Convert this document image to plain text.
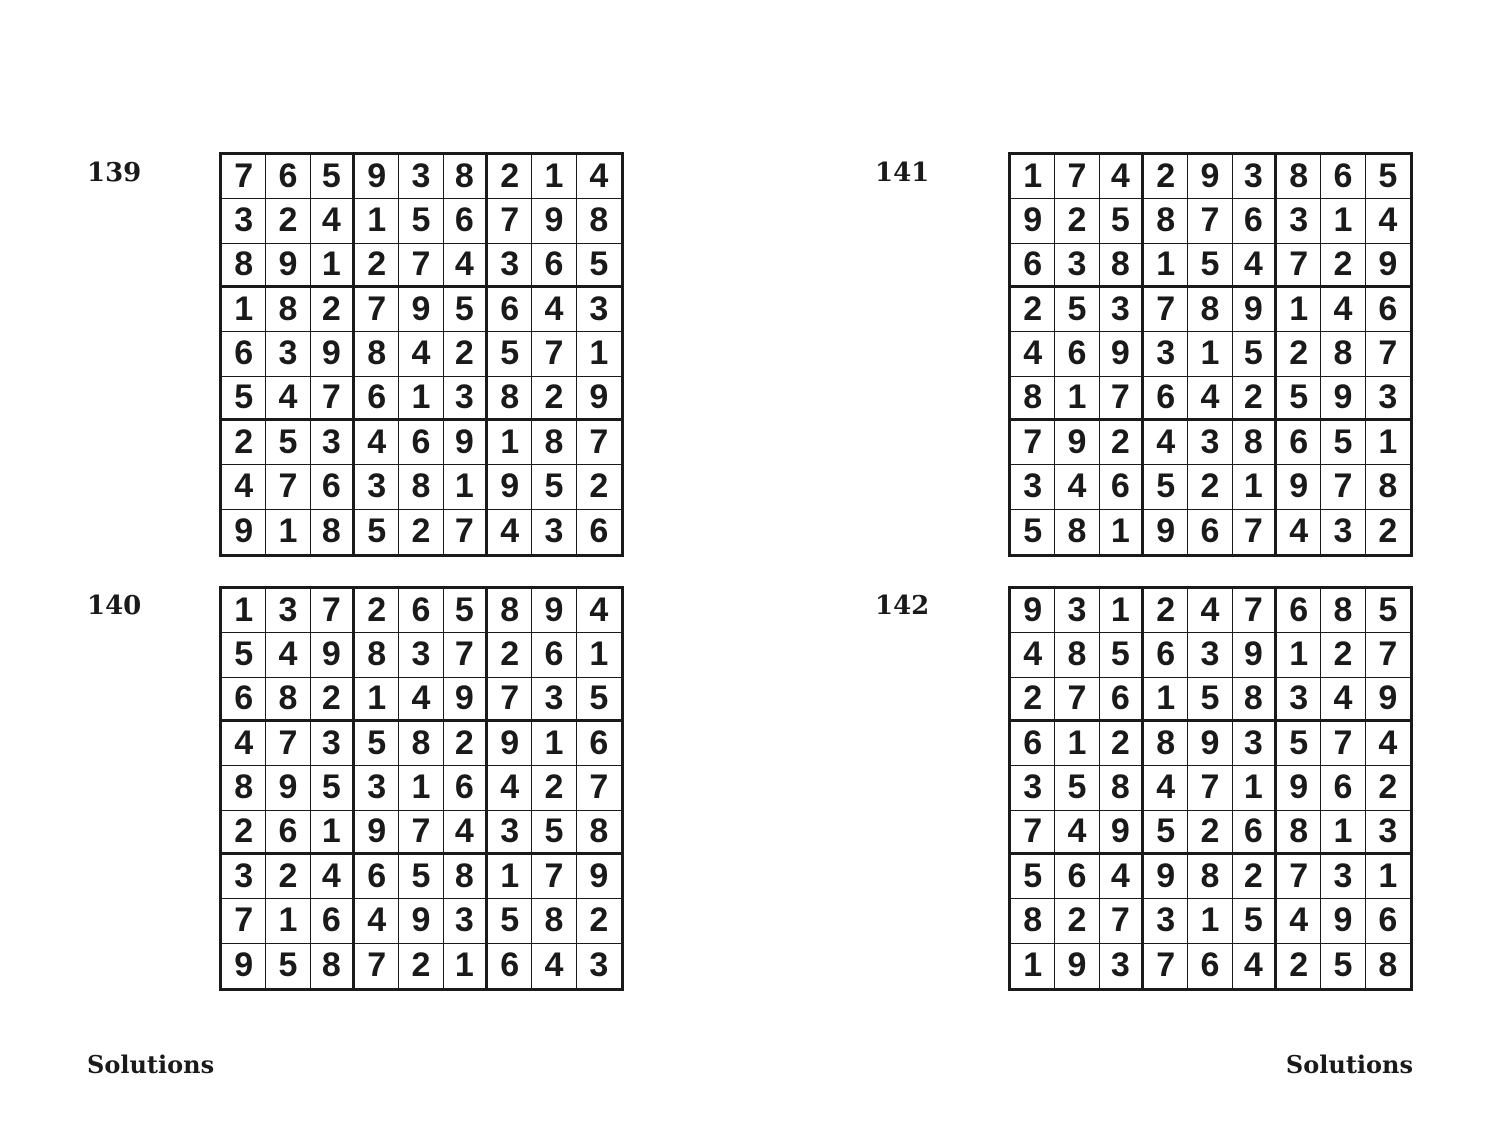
139	7 6 5 9 3 8 2 1 4
3 2 4 1 5 6 7 9 8
8 9 1 2 7 4 3 6 5
1 8 2 7 9 5 6 4 3
6 3 9 8 4 2 5 7 1
5 4 7 6 1 3 8 2 9
2 5 3 4 6 9 1 8 7
4 7 6 3 8 1 9 5 2
9 1 8 5 2 7 4 3 6
140	1 3 7 2 6 5 8 9 4
5 4 9 8 3 7 2 6 1
6 8 2 1 4 9 7 3 5
4 7 3 5 8 2 9 1 6
8 9 5 3 1 6 4 2 7
2 6 1 9 7 4 3 5 8
3 2 4 6 5 8 1 7 9
7 1 6 4 9 3 5 8 2
9 5 8 7 2 1 6 4 3
141	1 7 4 2 9 3 8 6 5
9 2 5 8 7 6 3 1 4
6 3 8 1 5 4 7 2 9
2 5 3 7 8 9 1 4 6
4 6 9 3 1 5 2 8 7
8 1 7 6 4 2 5 9 3
7 9 2 4 3 8 6 5 1
3 4 6 5 2 1 9 7 8
5 8 1 9 6 7 4 3 2
142	9 3 1 2 4 7 6 8 5
4 8 5 6 3 9 1 2 7
2 7 6 1 5 8 3 4 9
6 1 2 8 9 3 5 7 4
3 5 8 4 7 1 9 6 2
7 4 9 5 2 6 8 1 3
5 6 4 9 8 2 7 3 1
8 2 7 3 1 5 4 9 6
1 9 3 7 6 4 2 5 8
Solutions	Solutions
